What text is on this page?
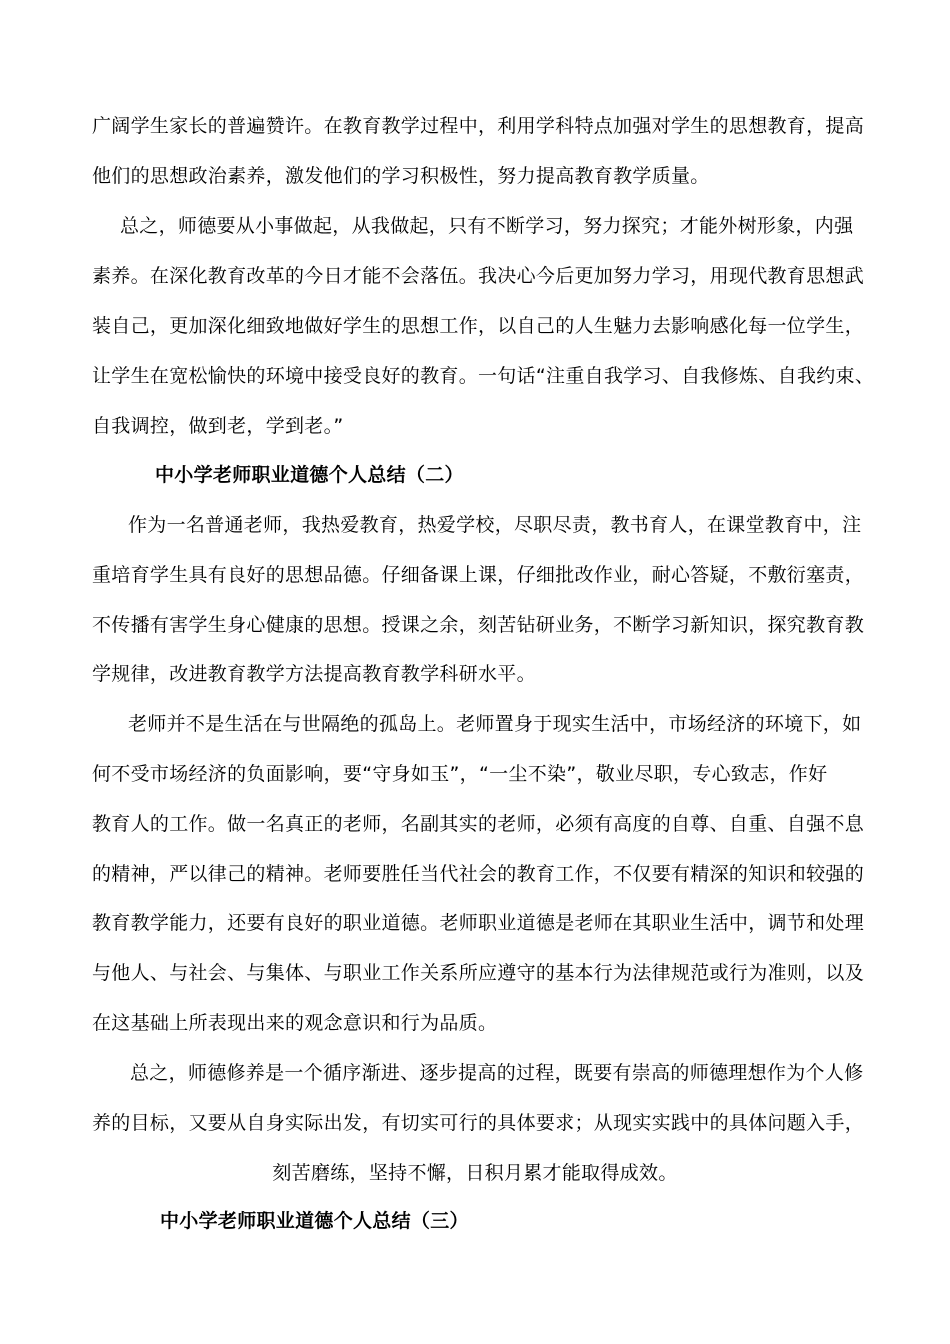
广阔学生家长的普遍赞许。在教育教学过程中，利用学科特点加强对学生的思想教育，提高
他们的思想政治素养，激发他们的学习积极性，努力提高教育教学质量。
总之，师德要从小事做起，从我做起，只有不断学习，努力探究；才能外树形象，内强
素养。在深化教育改革的今日才能不会落伍。我决心今后更加努力学习，用现代教育思想武
装自己，更加深化细致地做好学生的思想工作，以自己的人生魅力去影响感化每一位学生，
让学生在宽松愉快的环境中接受良好的教育。一句话“注重自我学习、自我修炼、自我约束、
自我调控，做到老，学到老。”
中小学老师职业道德个人总结（二）
作为一名普通老师，我热爱教育，热爱学校，尽职尽责，教书育人，在课堂教育中，注
重培育学生具有良好的思想品德。仔细备课上课，仔细批改作业，耐心答疑，不敷衍塞责，
不传播有害学生身心健康的思想。授课之余，刻苦钻研业务，不断学习新知识，探究教育教
学规律，改进教育教学方法提高教育教学科研水平。
老师并不是生活在与世隔绝的孤岛上。老师置身于现实生活中，市场经济的环境下，如
何不受市场经济的负面影响，要“守身如玉”，“一尘不染”，敬业尽职，专心致志，作好
教育人的工作。做一名真正的老师，名副其实的老师，必须有高度的自尊、自重、自强不息
的精神，严以律己的精神。老师要胜任当代社会的教育工作，不仅要有精深的知识和较强的
教育教学能力，还要有良好的职业道德。老师职业道德是老师在其职业生活中，调节和处理
与他人、与社会、与集体、与职业工作关系所应遵守的基本行为法律规范或行为准则，以及
在这基础上所表现出来的观念意识和行为品质。
总之，师德修养是一个循序渐进、逐步提高的过程，既要有崇高的师德理想作为个人修
养的目标，又要从自身实际出发，有切实可行的具体要求；从现实实践中的具体问题入手，
刻苦磨练，坚持不懈，日积月累才能取得成效。
中小学老师职业道德个人总结（三）
